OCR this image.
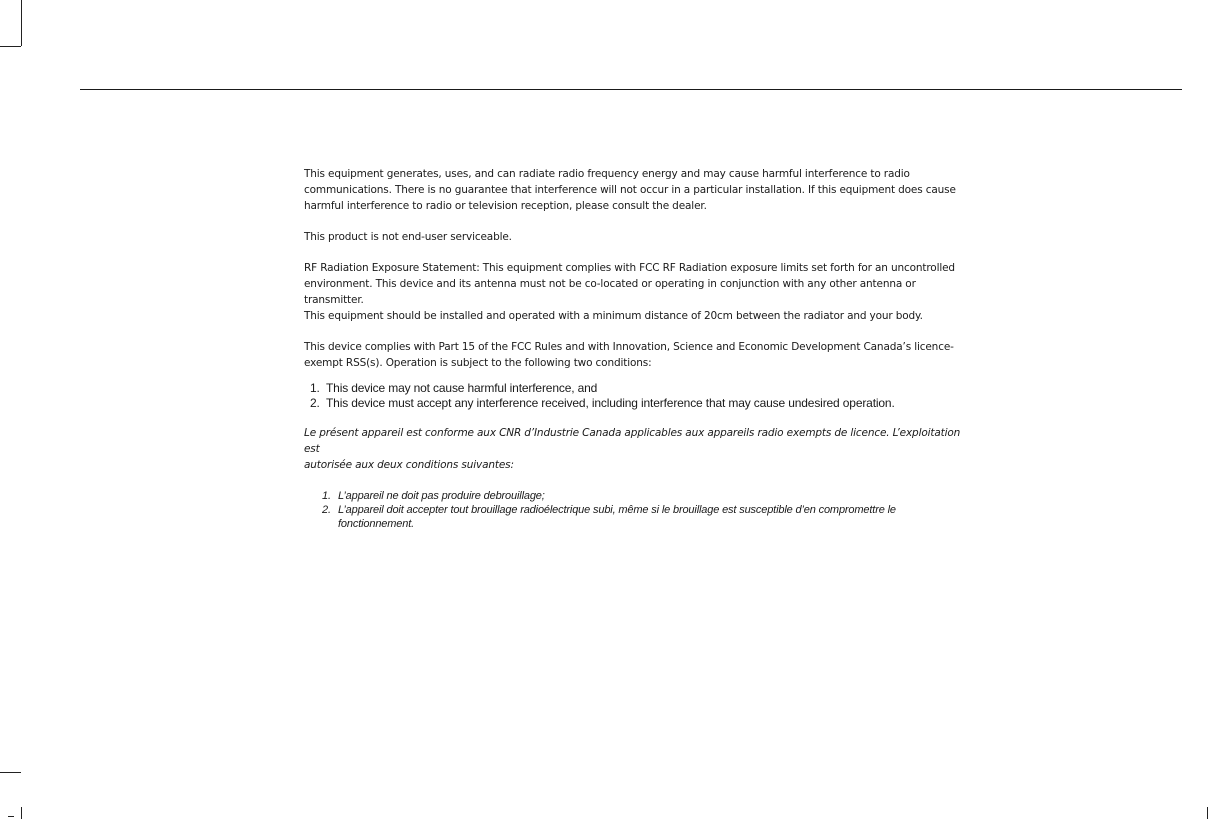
This equipment generates, uses, and can radiate radio frequency energy and may cause harmful interference to radio
communications. There is no guarantee that interference will not occur in a particular installation. If this equipment does cause
harmful interference to radio or television reception, please consult the dealer.

This product is not end-user serviceable.

RF Radiation Exposure Statement: This equipment complies with FCC RF Radiation exposure limits set forth for an uncontrolled
environment. This device and its antenna must not be co-located or operating in conjunction with any other antenna or transmitter.
This equipment should be installed and operated with a minimum distance of 20cm between the radiator and your body.

This device complies with Part 15 of the FCC Rules and with Innovation, Science and Economic Development Canada’s licence-
exempt RSS(s). Operation is subject to the following two conditions:

1. This device may not cause harmful interference, and
2. This device must accept any interference received, including interference that may cause undesired operation.

Le présent appareil est conforme aux CNR d’Industrie Canada applicables aux appareils radio exempts de licence. L’exploitation est
autorisée aux deux conditions suivantes:

1. L’appareil ne doit pas produire debrouillage;
2. L’appareil doit accepter tout brouillage radioélectrique subi, même si le brouillage est susceptible d’en compromettre le fonctionnement.
